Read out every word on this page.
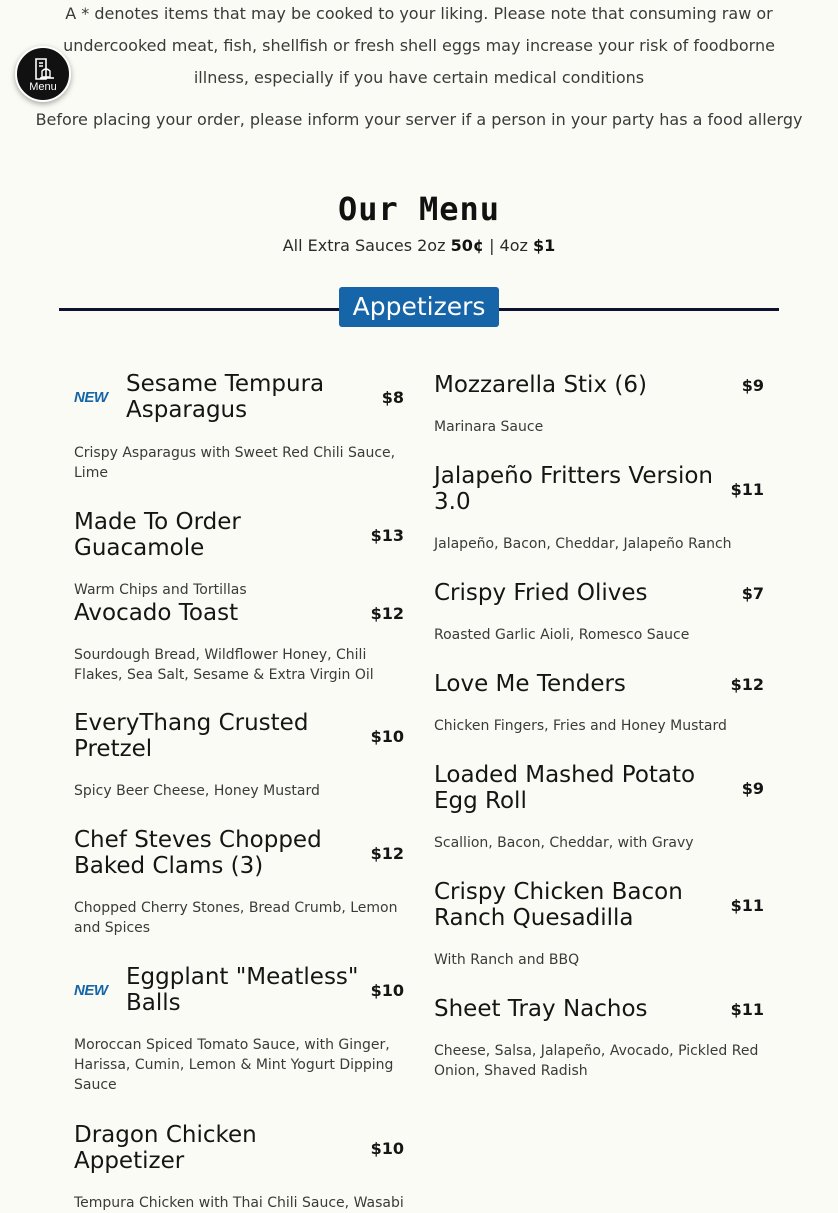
A * denotes items that may be cooked to your liking. Please note that consuming raw or undercooked meat, fish, shellfish or fresh shell eggs may increase your risk of foodborne illness, especially if you have certain medical conditions

Before placing your order, please inform your server if a person in your party has a food allergy

Menu
Our Menu

All Extra Sauces 2oz 50¢ | 4oz $1

Appetizers
NEW Sesame Tempura Asparagus	$8

Crispy Asparagus with Sweet Red Chili Sauce, Lime

Made To Order Guacamole	$13

Warm Chips and Tortillas

Avocado Toast	$12

Sourdough Bread, Wildflower Honey, Chili Flakes, Sea Salt, Sesame & Extra Virgin Oil

EveryThang Crusted Pretzel	$10

Spicy Beer Cheese, Honey Mustard

Chef Steves Chopped Baked Clams (3)	$12

Chopped Cherry Stones, Bread Crumb, Lemon and Spices

NEW Eggplant "Meatless" Balls	$10

Moroccan Spiced Tomato Sauce, with Ginger, Harissa, Cumin, Lemon & Mint Yogurt Dipping Sauce

Dragon Chicken Appetizer	$10

Tempura Chicken with Thai Chili Sauce, Wasabi

Mozzarella Stix (6)	$9

Marinara Sauce

Jalapeño Fritters Version 3.0	$11

Jalapeño, Bacon, Cheddar, Jalapeño Ranch

Crispy Fried Olives	$7

Roasted Garlic Aioli, Romesco Sauce

Love Me Tenders	$12

Chicken Fingers, Fries and Honey Mustard

Loaded Mashed Potato Egg Roll	$9

Scallion, Bacon, Cheddar, with Gravy

Crispy Chicken Bacon Ranch Quesadilla	$11

With Ranch and BBQ

Sheet Tray Nachos	$11

Cheese, Salsa, Jalapeño, Avocado, Pickled Red Onion, Shaved Radish
